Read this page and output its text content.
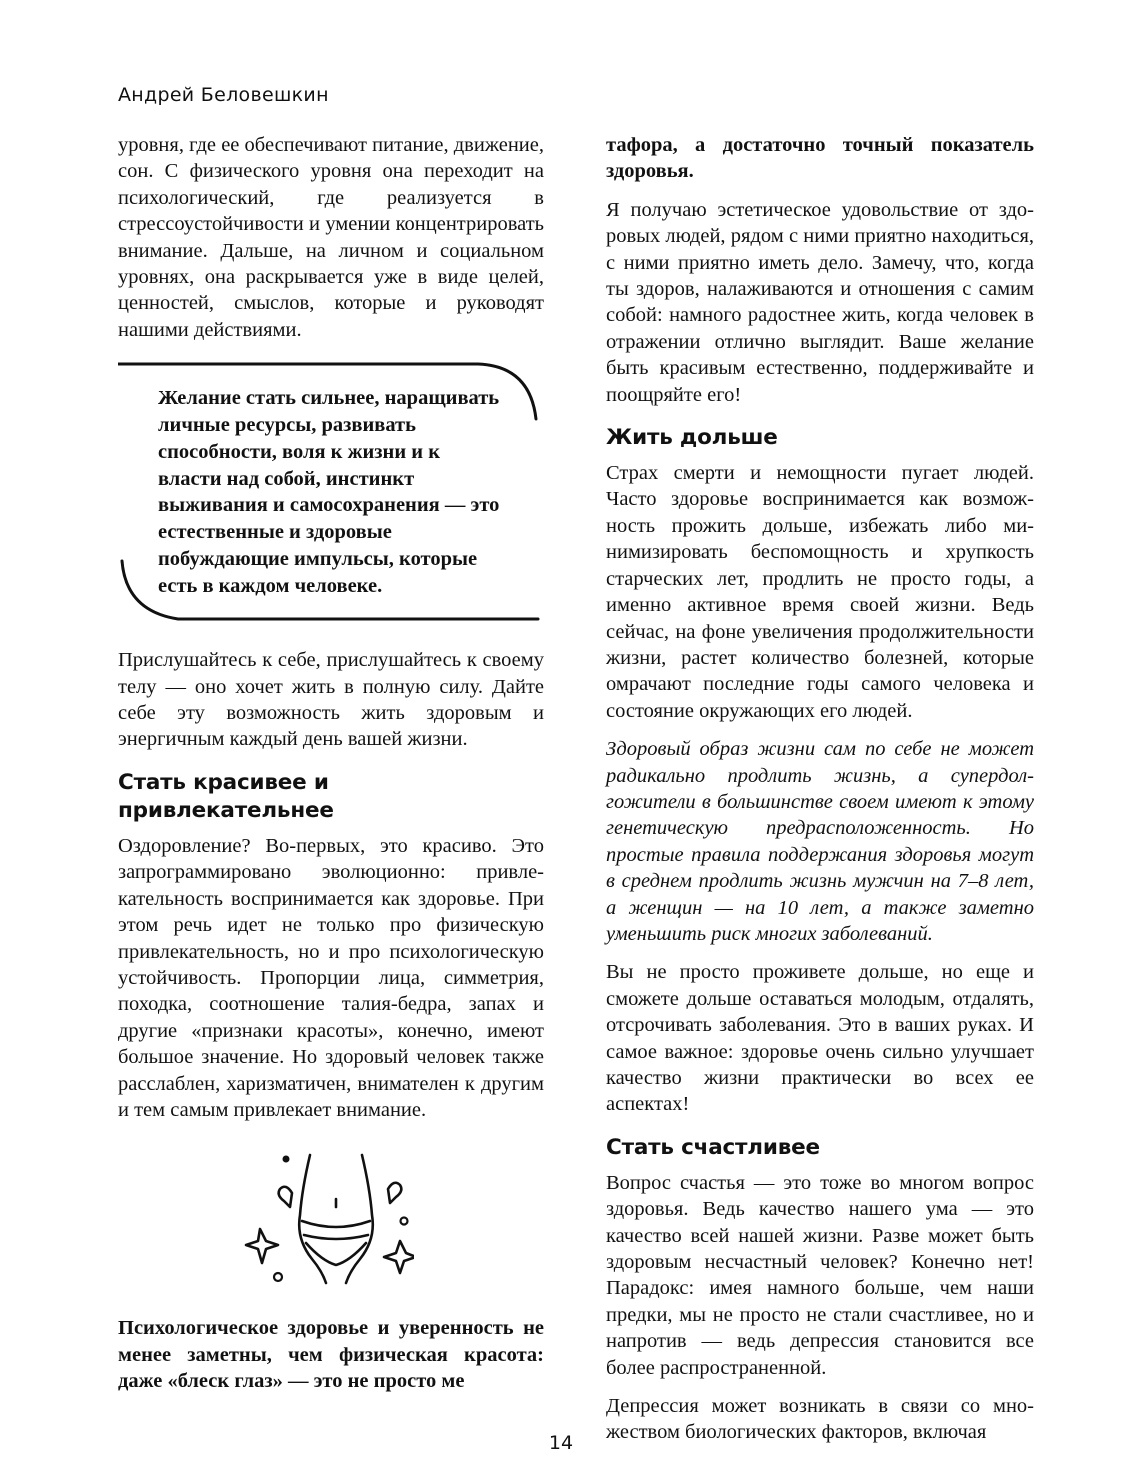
Андрей Беловешкин

уровня, где ее обеспечивают питание, движение, сон. С физического уровня она переходит на психологический, где реализуется в стрессоустойчивости и умении концентрировать внимание. Дальше, на личном и социальном уровнях, она раскрывается уже в виде целей, ценностей, смыслов, которые и руководят нашими действиями.

Желание стать сильнее, наращивать личные ресурсы, развивать способности, воля к жизни и к власти над собой, инстинкт выживания и самосохранения — это естественные и здоровые побуждающие импульсы, которые есть в каждом человеке.

Прислушайтесь к себе, прислушайтесь к своему телу — оно хочет жить в полную силу. Дайте себе эту возможность жить здоровым и энергичным каждый день вашей жизни.

Стать красивее и привлекательнее

Оздоровление? Во-первых, это красиво. Это запрограммировано эволюционно: привлекательность воспринимается как здоровье. При этом речь идет не только про физическую привлекательность, но и про психологическую устойчивость. Пропорции лица, симметрия, походка, соотношение талия-бедра, запах и другие «признаки красоты», конечно, имеют большое значение. Но здоровый человек также расслаблен, харизматичен, внимателен к другим и тем самым привлекает внимание.

Психологическое здоровье и уверенность не менее заметны, чем физическая красота: даже «блеск глаз» — это не просто ме

тафора, а достаточно точный показатель здоровья.

Я получаю эстетическое удовольствие от здоровых людей, рядом с ними приятно находиться, с ними приятно иметь дело. Замечу, что, когда ты здоров, налаживаются и отношения с самим собой: намного радостнее жить, когда человек в отражении отлично выглядит. Ваше желание быть красивым естественно, поддерживайте и поощряйте его!

Жить дольше

Страх смерти и немощности пугает людей. Часто здоровье воспринимается как возможность прожить дольше, избежать либо минимизировать беспомощность и хрупкость старческих лет, продлить не просто годы, а именно активное время своей жизни. Ведь сейчас, на фоне увеличения продолжительности жизни, растет количество болезней, которые омрачают последние годы самого человека и состояние окружающих его людей.

Здоровый образ жизни сам по себе не может радикально продлить жизнь, а супердолгожители в большинстве своем имеют к этому генетическую предрасположенность. Но простые правила поддержания здоровья могут в среднем продлить жизнь мужчин на 7–8 лет, а женщин — на 10 лет, а также заметно уменьшить риск многих заболеваний.

Вы не просто проживете дольше, но еще и сможете дольше оставаться молодым, отдалять, отсрочивать заболевания. Это в ваших руках. И самое важное: здоровье очень сильно улучшает качество жизни практически во всех ее аспектах!

Стать счастливее

Вопрос счастья — это тоже во многом вопрос здоровья. Ведь качество нашего ума — это качество всей нашей жизни. Разве может быть здоровым несчастный человек? Конечно нет! Парадокс: имея намного больше, чем наши предки, мы не просто не стали счастливее, но и напротив — ведь депрессия становится все более распространенной.

Депрессия может возникать в связи со множеством биологических факторов, включая

14
